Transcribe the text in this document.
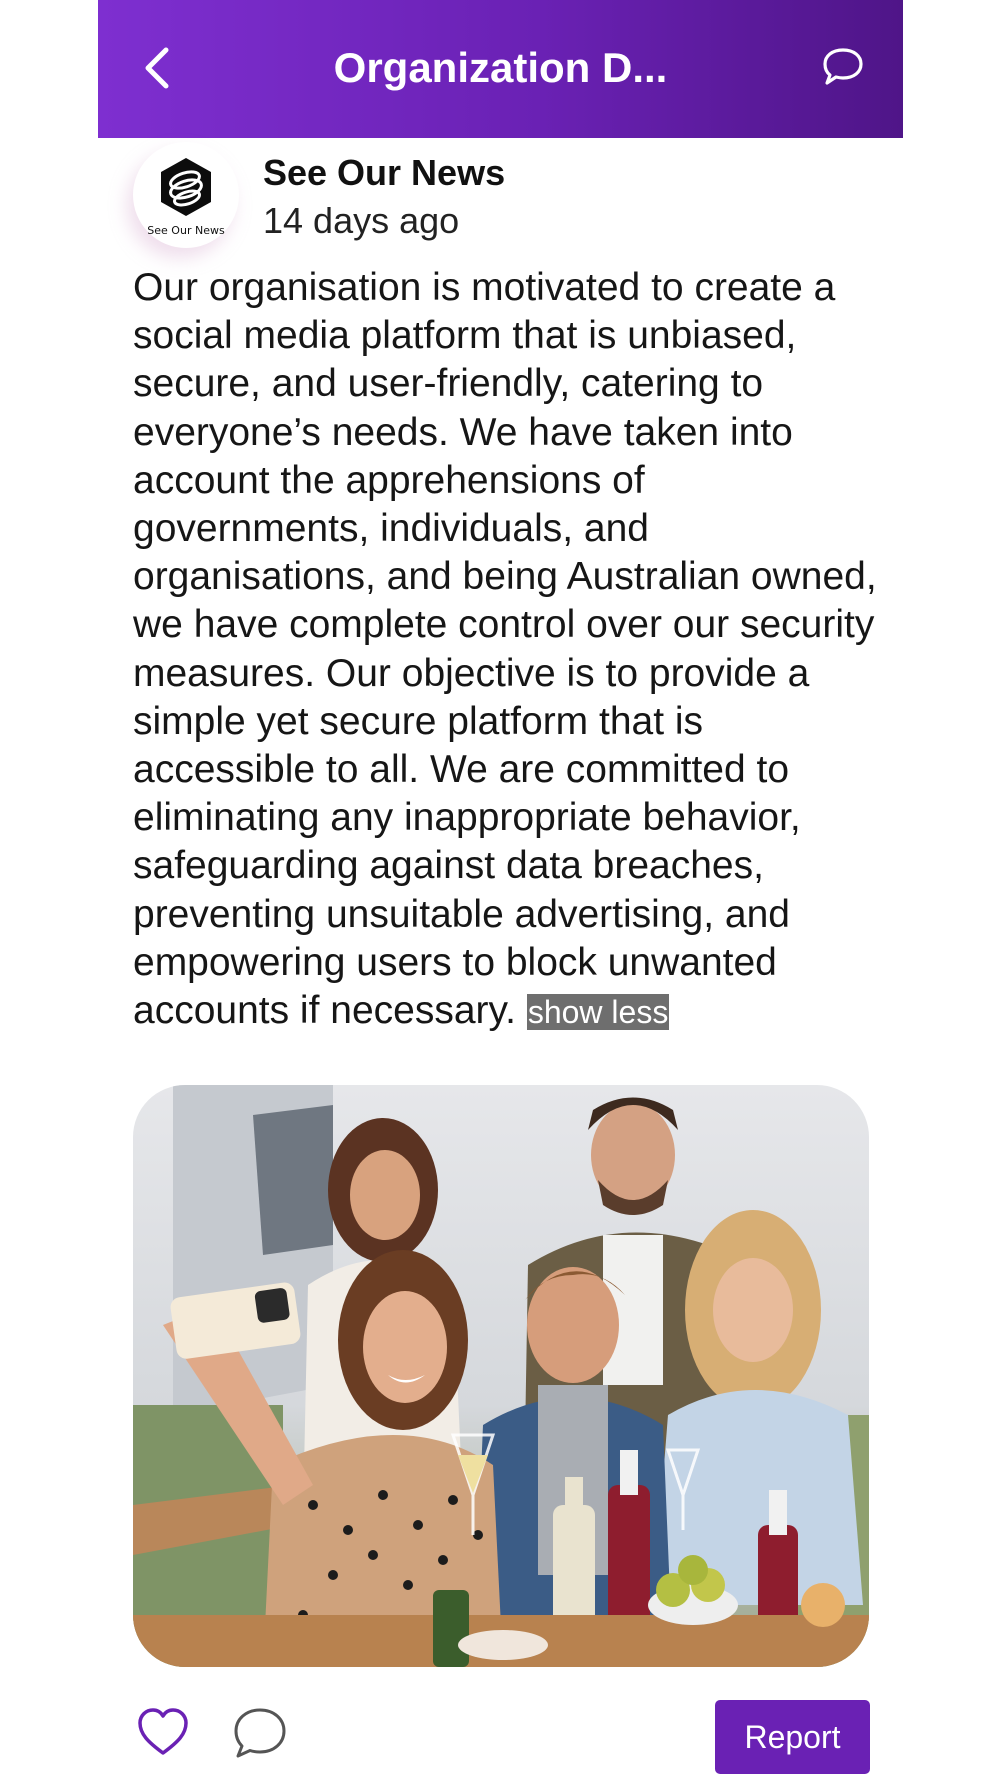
Organization D...
See Our News
See Our News
14 days ago

Our organisation is motivated to create a social media platform that is unbiased, secure, and user-friendly, catering to everyone’s needs. We have taken into account the apprehensions of governments, individuals, and organisations, and being Australian owned, we have complete control over our security measures. Our objective is to provide a simple yet secure platform that is accessible to all. We are committed to eliminating any inappropriate behavior, safeguarding against data breaches, preventing unsuitable advertising, and empowering users to block unwanted accounts if necessary. show less

Report
